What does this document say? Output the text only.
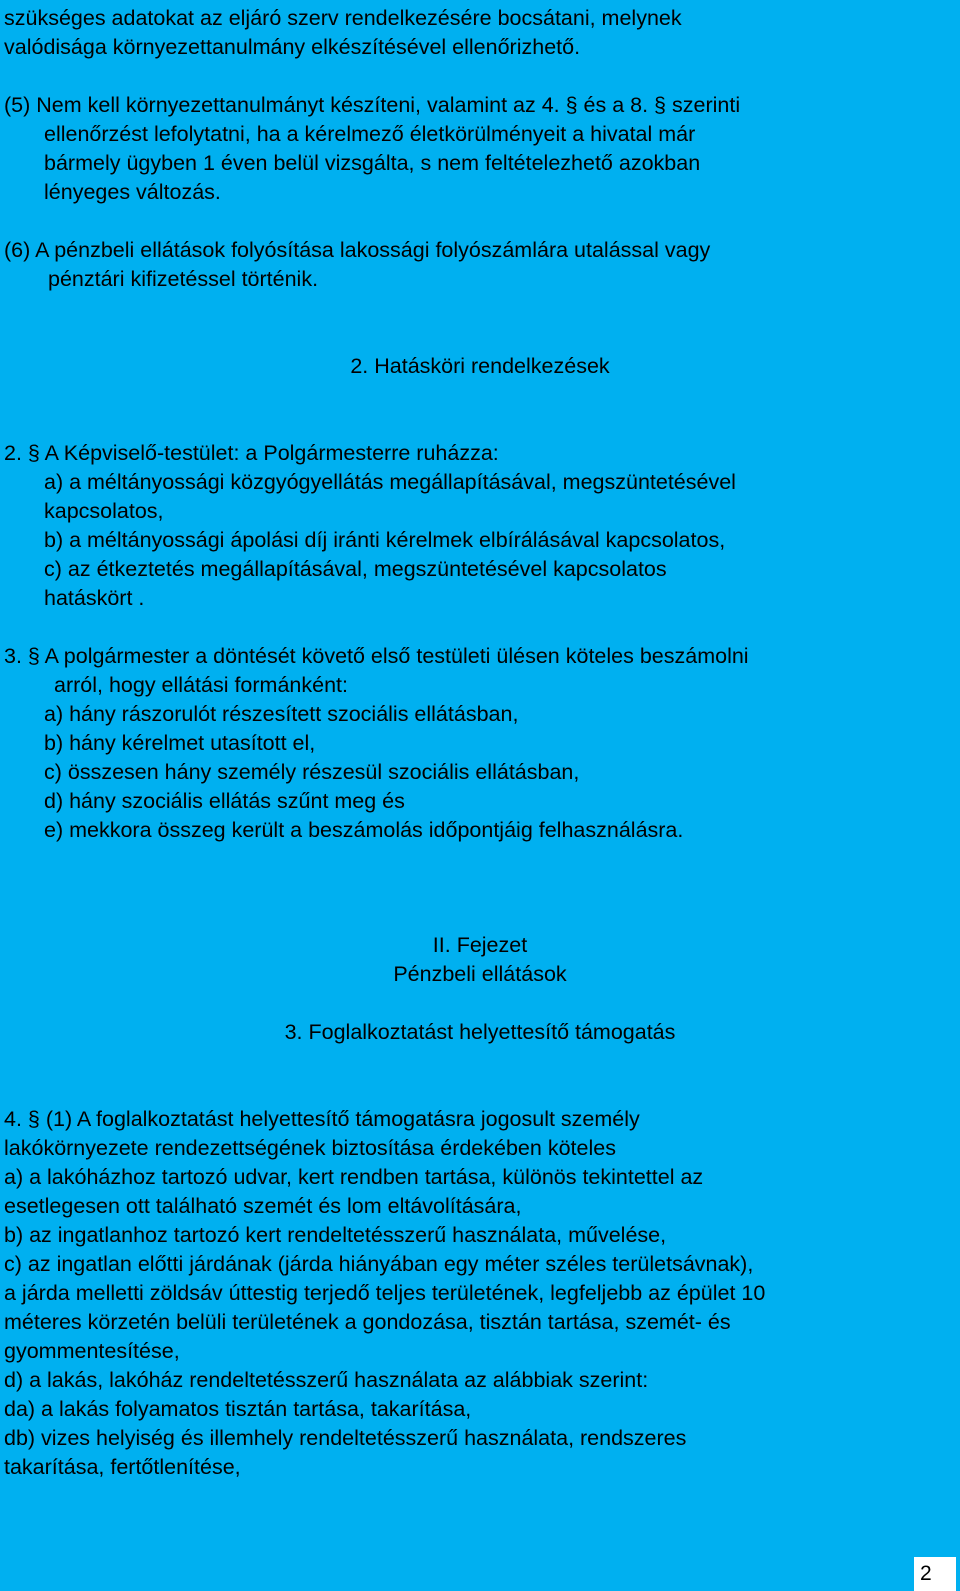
szükséges adatokat az eljáró szerv rendelkezésére bocsátani, melynek
valódisága környezettanulmány elkészítésével ellenőrizhető.
(5) Nem kell környezettanulmányt készíteni, valamint az 4. § és a 8. § szerinti
ellenőrzést lefolytatni, ha a kérelmező életkörülményeit a hivatal már
bármely ügyben 1 éven belül vizsgálta, s nem feltételezhető azokban
lényeges változás.
(6) A pénzbeli ellátások folyósítása lakossági folyószámlára utalással vagy
pénztári kifizetéssel történik.
2. Hatásköri rendelkezések
2. § A Képviselő-testület: a Polgármesterre ruházza:
a) a méltányossági közgyógyellátás megállapításával, megszüntetésével
kapcsolatos,
b) a méltányossági ápolási díj iránti kérelmek elbírálásával kapcsolatos,
c) az étkeztetés megállapításával, megszüntetésével kapcsolatos
hatáskört .
3. § A polgármester a döntését követő első testületi ülésen köteles beszámolni
arról, hogy ellátási formánként:
a) hány rászorulót részesített szociális ellátásban,
b) hány kérelmet utasított el,
c) összesen hány személy részesül szociális ellátásban,
d) hány szociális ellátás szűnt meg és
e) mekkora összeg került a beszámolás időpontjáig felhasználásra.
II. Fejezet
Pénzbeli ellátások
3. Foglalkoztatást helyettesítő támogatás
4. § (1) A foglalkoztatást helyettesítő támogatásra jogosult személy
lakókörnyezete rendezettségének biztosítása érdekében köteles
a) a lakóházhoz tartozó udvar, kert rendben tartása, különös tekintettel az
esetlegesen ott található szemét és lom eltávolítására,
b) az ingatlanhoz tartozó kert rendeltetésszerű használata, művelése,
c) az ingatlan előtti járdának (járda hiányában egy méter széles területsávnak),
a járda melletti zöldsáv úttestig terjedő teljes területének, legfeljebb az épület 10
méteres körzetén belüli területének a gondozása, tisztán tartása, szemét- és
gyommentesítése,
d) a lakás, lakóház rendeltetésszerű használata az alábbiak szerint:
da) a lakás folyamatos tisztán tartása, takarítása,
db) vizes helyiség és illemhely rendeltetésszerű használata, rendszeres
takarítása, fertőtlenítése,
2
